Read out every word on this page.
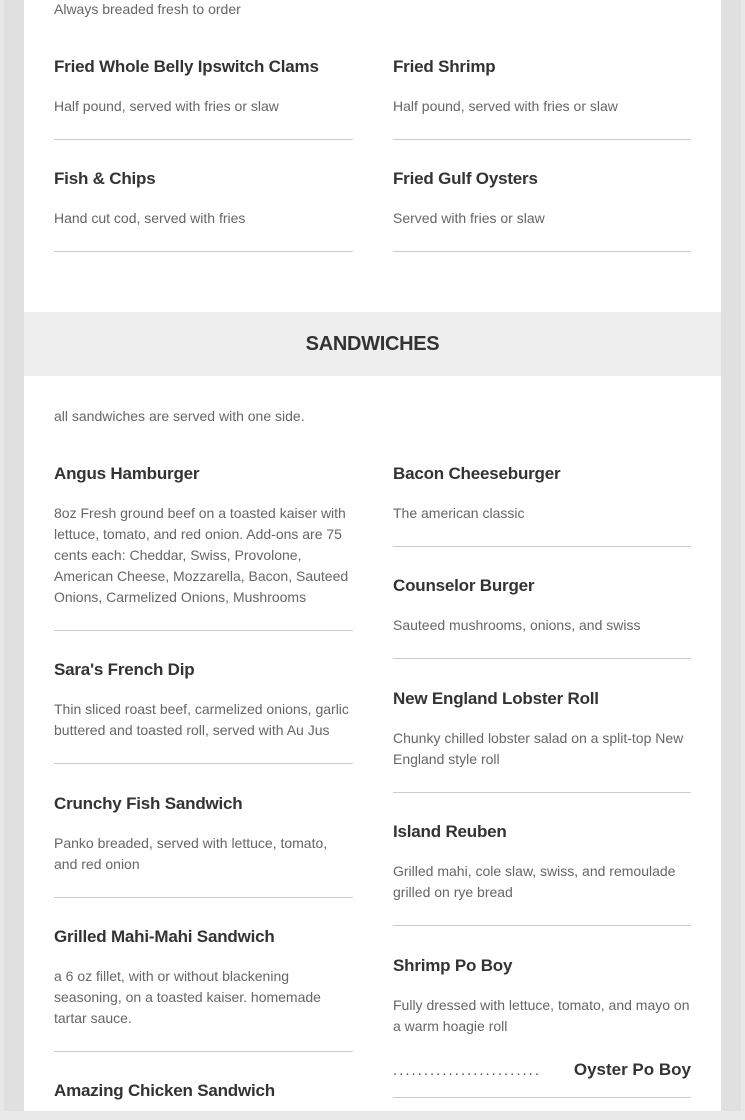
Always breaded fresh to order

Fried Whole Belly Ipswitch Clams

Half pound, served with fries or slaw

Fish & Chips

Hand cut cod, served with fries

Fried Shrimp

Half pound, served with fries or slaw

Fried Gulf Oysters

Served with fries or slaw

SANDWICHES
all sandwiches are served with one side.

Angus Hamburger

8oz Fresh ground beef on a toasted kaiser with lettuce, tomato, and red onion. Add-ons are 75 cents each: Cheddar, Swiss, Provolone, American Cheese, Mozzarella, Bacon, Sauteed Onions, Carmelized Onions, Mushrooms

Sara's French Dip

Thin sliced roast beef, carmelized onions, garlic buttered and toasted roll, served with Au Jus

Crunchy Fish Sandwich

Panko breaded, served with lettuce, tomato, and red onion

Grilled Mahi-Mahi Sandwich

a 6 oz fillet, with or without blackening seasoning, on a toasted kaiser. homemade tartar sauce.

Amazing Chicken Sandwich

Bacon Cheeseburger

The american classic

Counselor Burger

Sauteed mushrooms, onions, and swiss

New England Lobster Roll

Chunky chilled lobster salad on a split-top New England style roll

Island Reuben

Grilled mahi, cole slaw, swiss, and remoulade grilled on rye bread

Shrimp Po Boy

Fully dressed with lettuce, tomato, and mayo on a warm hoagie roll

........................	Oyster Po Boy
